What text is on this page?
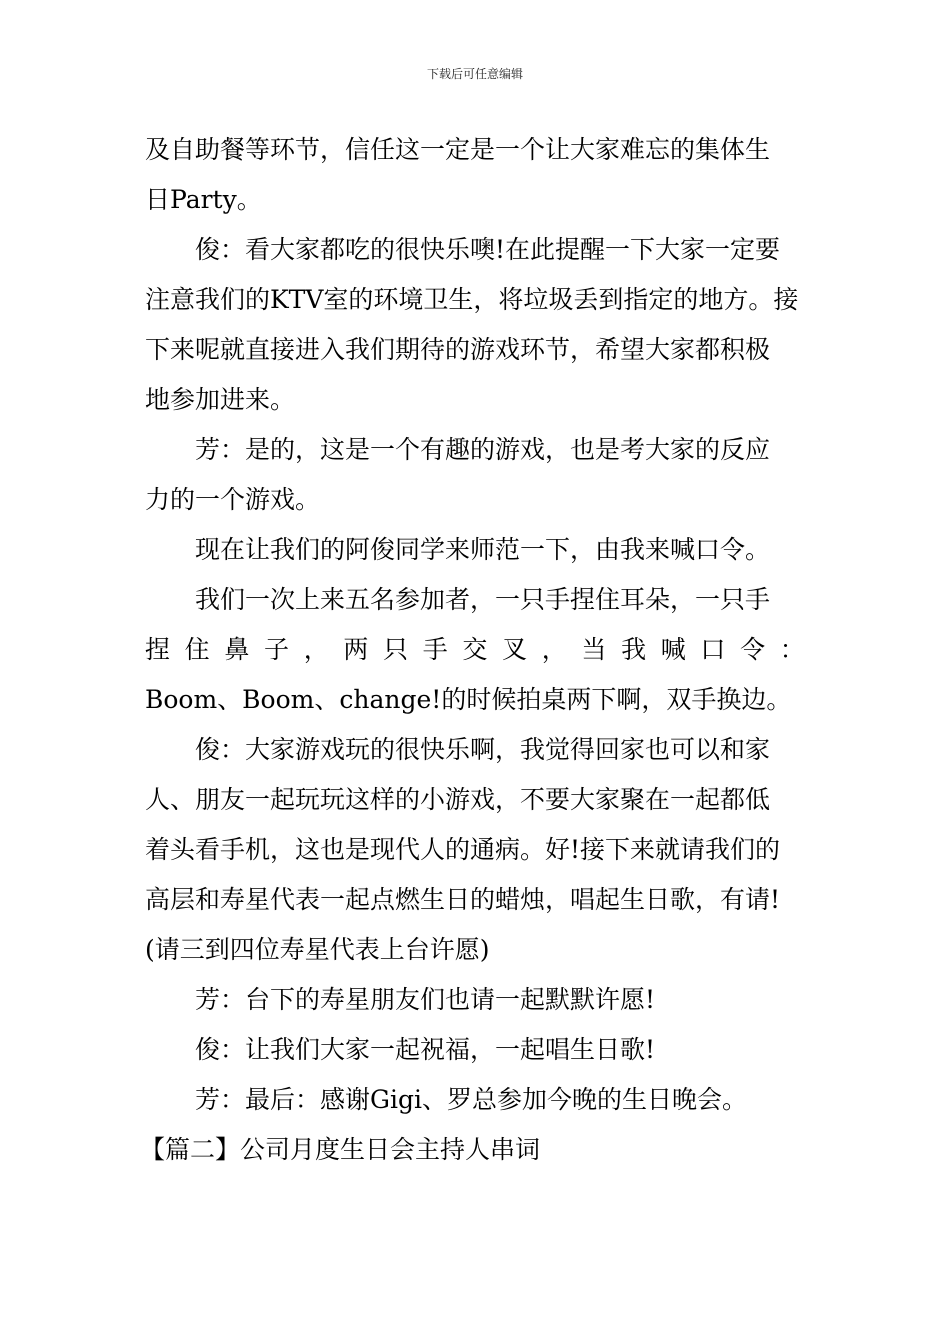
下载后可任意编辑
及自助餐等环节，信任这一定是一个让大家难忘的集体生
日Party。
俊：看大家都吃的很快乐噢!在此提醒一下大家一定要
注意我们的KTV室的环境卫生，将垃圾丢到指定的地方。接
下来呢就直接进入我们期待的游戏环节，希望大家都积极
地参加进来。
芳：是的，这是一个有趣的游戏，也是考大家的反应
力的一个游戏。
现在让我们的阿俊同学来师范一下，由我来喊口令。
我们一次上来五名参加者，一只手捏住耳朵，一只手
捏 住 鼻 子 ， 两 只 手 交 叉 ， 当 我 喊 口 令 ：
Boom、Boom、change!的时候拍桌两下啊，双手换边。
俊：大家游戏玩的很快乐啊，我觉得回家也可以和家
人、朋友一起玩玩这样的小游戏，不要大家聚在一起都低
着头看手机，这也是现代人的通病。好!接下来就请我们的
高层和寿星代表一起点燃生日的蜡烛，唱起生日歌，有请!
(请三到四位寿星代表上台许愿)
芳：台下的寿星朋友们也请一起默默许愿!
俊：让我们大家一起祝福，一起唱生日歌!
芳：最后：感谢Gigi、罗总参加今晚的生日晚会。
【篇二】公司月度生日会主持人串词
